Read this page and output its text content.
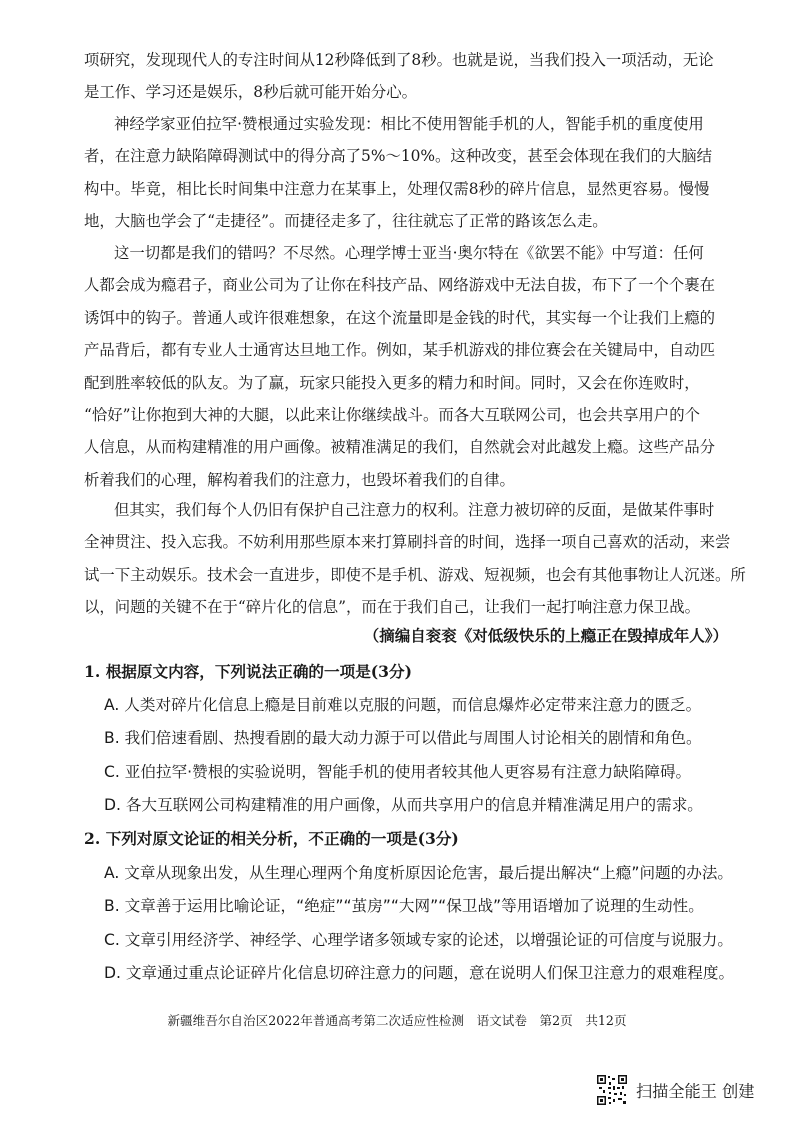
项研究，发现现代人的专注时间从12秒降低到了8秒。也就是说，当我们投入一项活动，无论
是工作、学习还是娱乐，8秒后就可能开始分心。
神经学家亚伯拉罕·赞根通过实验发现：相比不使用智能手机的人，智能手机的重度使用
者，在注意力缺陷障碍测试中的得分高了5%～10%。这种改变，甚至会体现在我们的大脑结
构中。毕竟，相比长时间集中注意力在某事上，处理仅需8秒的碎片信息，显然更容易。慢慢
地，大脑也学会了“走捷径”。而捷径走多了，往往就忘了正常的路该怎么走。
这一切都是我们的错吗？不尽然。心理学博士亚当·奥尔特在《欲罢不能》中写道：任何
人都会成为瘾君子，商业公司为了让你在科技产品、网络游戏中无法自拔，布下了一个个裹在
诱饵中的钩子。普通人或许很难想象，在这个流量即是金钱的时代，其实每一个让我们上瘾的
产品背后，都有专业人士通宵达旦地工作。例如，某手机游戏的排位赛会在关键局中，自动匹
配到胜率较低的队友。为了赢，玩家只能投入更多的精力和时间。同时，又会在你连败时，
“恰好”让你抱到大神的大腿，以此来让你继续战斗。而各大互联网公司，也会共享用户的个
人信息，从而构建精准的用户画像。被精准满足的我们，自然就会对此越发上瘾。这些产品分
析着我们的心理，解构着我们的注意力，也毁坏着我们的自律。
但其实，我们每个人仍旧有保护自己注意力的权利。注意力被切碎的反面，是做某件事时
全神贯注、投入忘我。不妨利用那些原本来打算刷抖音的时间，选择一项自己喜欢的活动，来尝
试一下主动娱乐。技术会一直进步，即使不是手机、游戏、短视频，也会有其他事物让人沉迷。所
以，问题的关键不在于“碎片化的信息”，而在于我们自己，让我们一起打响注意力保卫战。
（摘编自衮衮《对低级快乐的上瘾正在毁掉成年人》）
1. 根据原文内容，下列说法正确的一项是(3分)
A. 人类对碎片化信息上瘾是目前难以克服的问题，而信息爆炸必定带来注意力的匮乏。
B. 我们倍速看剧、热搜看剧的最大动力源于可以借此与周围人讨论相关的剧情和角色。
C. 亚伯拉罕·赞根的实验说明，智能手机的使用者较其他人更容易有注意力缺陷障碍。
D. 各大互联网公司构建精准的用户画像，从而共享用户的信息并精准满足用户的需求。
2. 下列对原文论证的相关分析，不正确的一项是(3分)
A. 文章从现象出发，从生理心理两个角度析原因论危害，最后提出解决“上瘾”问题的办法。
B. 文章善于运用比喻论证，“绝症”“茧房”“大网”“保卫战”等用语增加了说理的生动性。
C. 文章引用经济学、神经学、心理学诸多领域专家的论述，以增强论证的可信度与说服力。
D. 文章通过重点论证碎片化信息切碎注意力的问题，意在说明人们保卫注意力的艰难程度。
新疆维吾尔自治区2022年普通高考第二次适应性检测　语文试卷　第2页　共12页
扫描全能王 创建
